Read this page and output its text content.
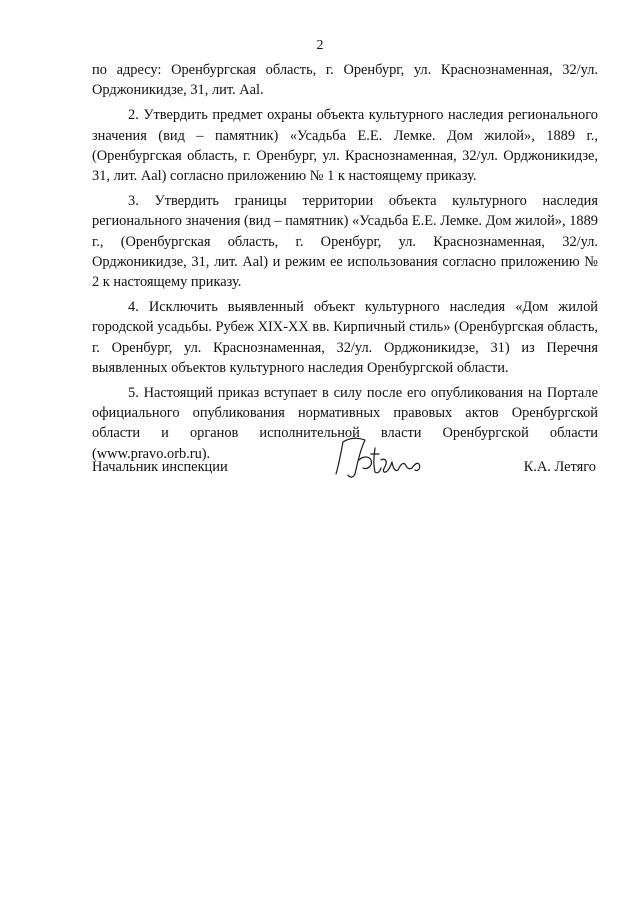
2

по адресу: Оренбургская область, г. Оренбург, ул. Краснознаменная, 32/ул. Орджоникидзе, 31, лит. Aal.

2. Утвердить предмет охраны объекта культурного наследия регионального значения (вид – памятник) «Усадьба Е.Е. Лемке. Дом жилой», 1889 г., (Оренбургская область, г. Оренбург, ул. Краснознаменная, 32/ул. Орджоникидзе, 31, лит. Aal) согласно приложению № 1 к настоящему приказу.

3. Утвердить границы территории объекта культурного наследия регионального значения (вид – памятник) «Усадьба Е.Е. Лемке. Дом жилой», 1889 г., (Оренбургская область, г. Оренбург, ул. Краснознаменная, 32/ул. Орджоникидзе, 31, лит. Aal) и режим ее использования согласно приложению № 2 к настоящему приказу.

4. Исключить выявленный объект культурного наследия «Дом жилой городской усадьбы. Рубеж XIX-XX вв. Кирпичный стиль» (Оренбургская область, г. Оренбург, ул. Краснознаменная, 32/ул. Орджоникидзе, 31) из Перечня выявленных объектов культурного наследия Оренбургской области.

5. Настоящий приказ вступает в силу после его опубликования на Портале официального опубликования нормативных правовых актов Оренбургской области и органов исполнительной власти Оренбургской области (www.pravo.orb.ru).

Начальник инспекции	К.А. Летяго
